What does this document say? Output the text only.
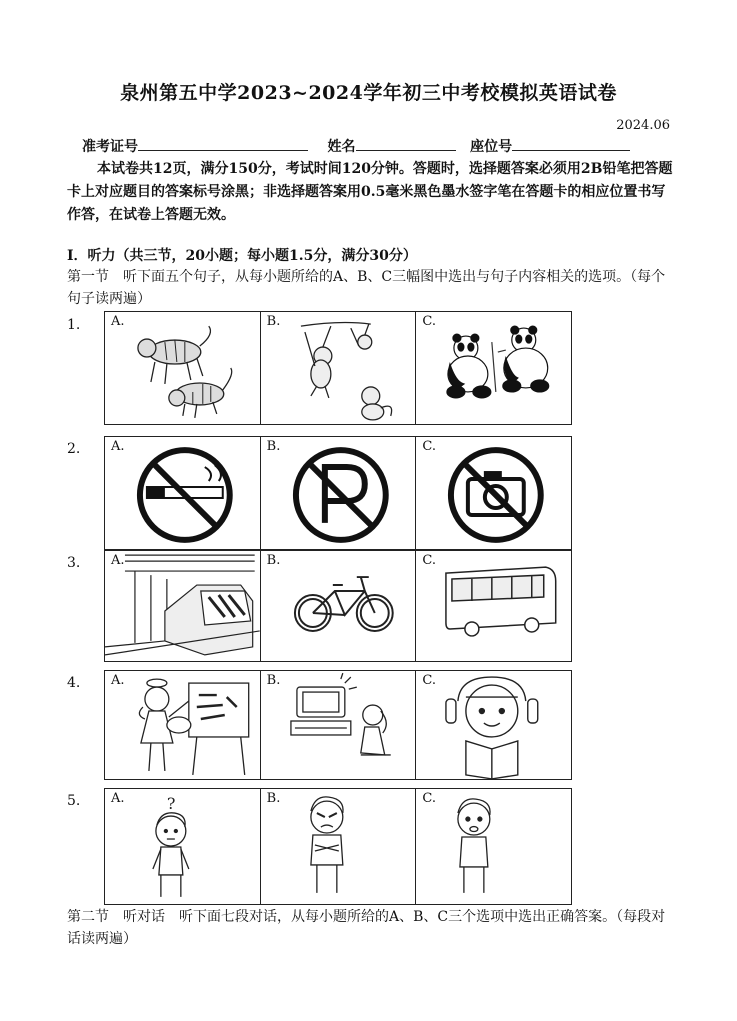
泉州第五中学2023~2024学年初三中考校模拟英语试卷
2024.06
准考证号	姓名	座位号
本试卷共12页，满分150分，考试时间120分钟。答题时，选择题答案必须用2B铅笔把答题卡上对应题目的答案标号涂黑；非选择题答案用0.5毫米黑色墨水签字笔在答题卡的相应位置书写作答，在试卷上答题无效。
I．听力（共三节，20小题；每小题1.5分，满分30分）
第一节　听下面五个句子，从每小题所给的A、B、C三幅图中选出与句子内容相关的选项。（每个句子读两遍）
1. A.	B.	C.
2. A.	B.	C.
3. A.	B.	C.
4. A.	B.	C.
5. A.	?	B.	C.
第二节　听对话　听下面七段对话，从每小题所给的A、B、C三个选项中选出正确答案。（每段对话读两遍）
